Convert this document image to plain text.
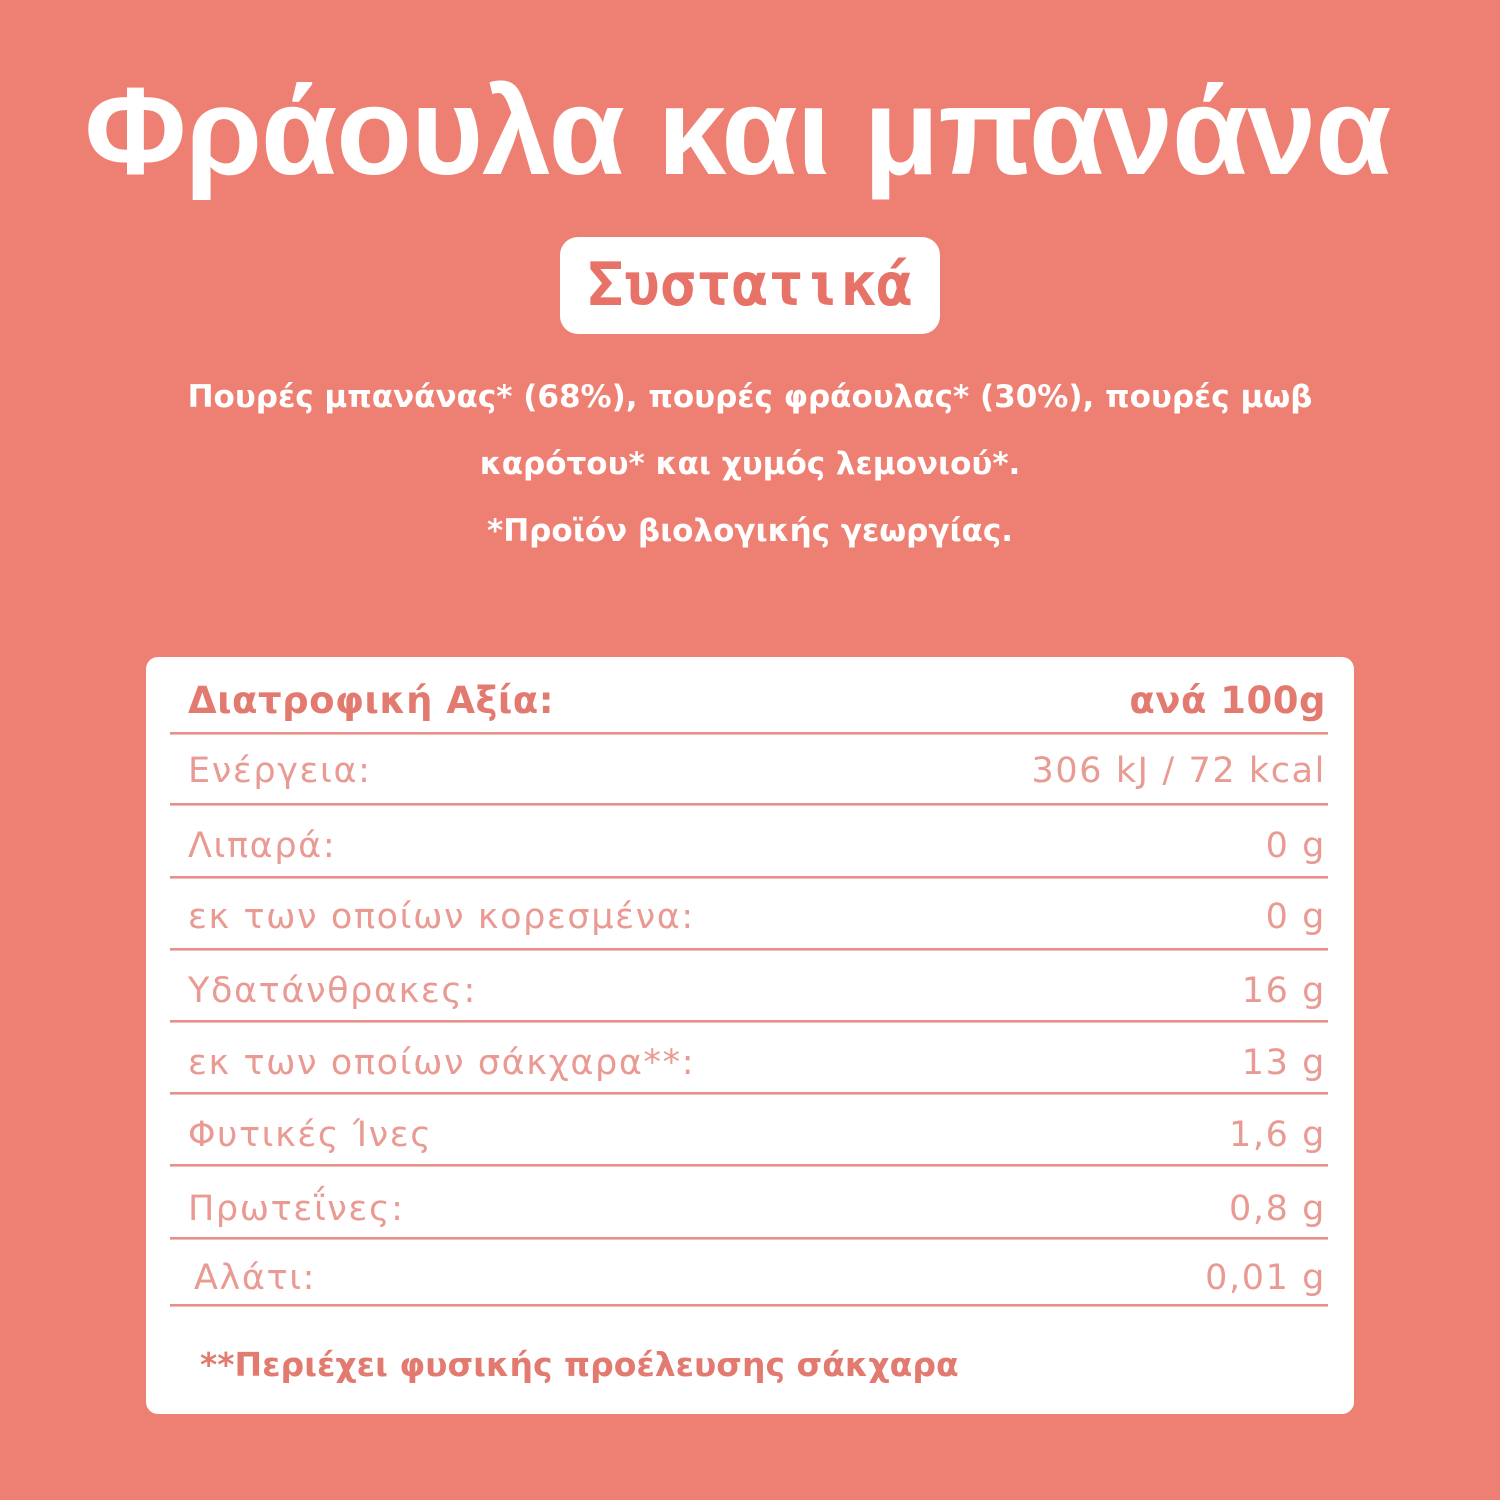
Φράουλα και μπανάνα
Συστατικά

Πουρές μπανάνας* (68%), πουρές φράουλας* (30%), πουρές μωβ

καρότου* και χυμός λεμονιού*.

*Προϊόν βιολογικής γεωργίας.

Διατροφική Αξία:	ανά 100g
Ενέργεια:	306 kJ / 72 kcal
Λιπαρά:	0 g
εκ των οποίων κορεσμένα:	0 g
Υδατάνθρακες:	16 g
εκ των οποίων σάκχαρα**:	13 g
Φυτικές Ίνες	1,6 g
Πρωτεΐνες:	0,8 g
Αλάτι:	0,01 g
**Περιέχει φυσικής προέλευσης σάκχαρα
